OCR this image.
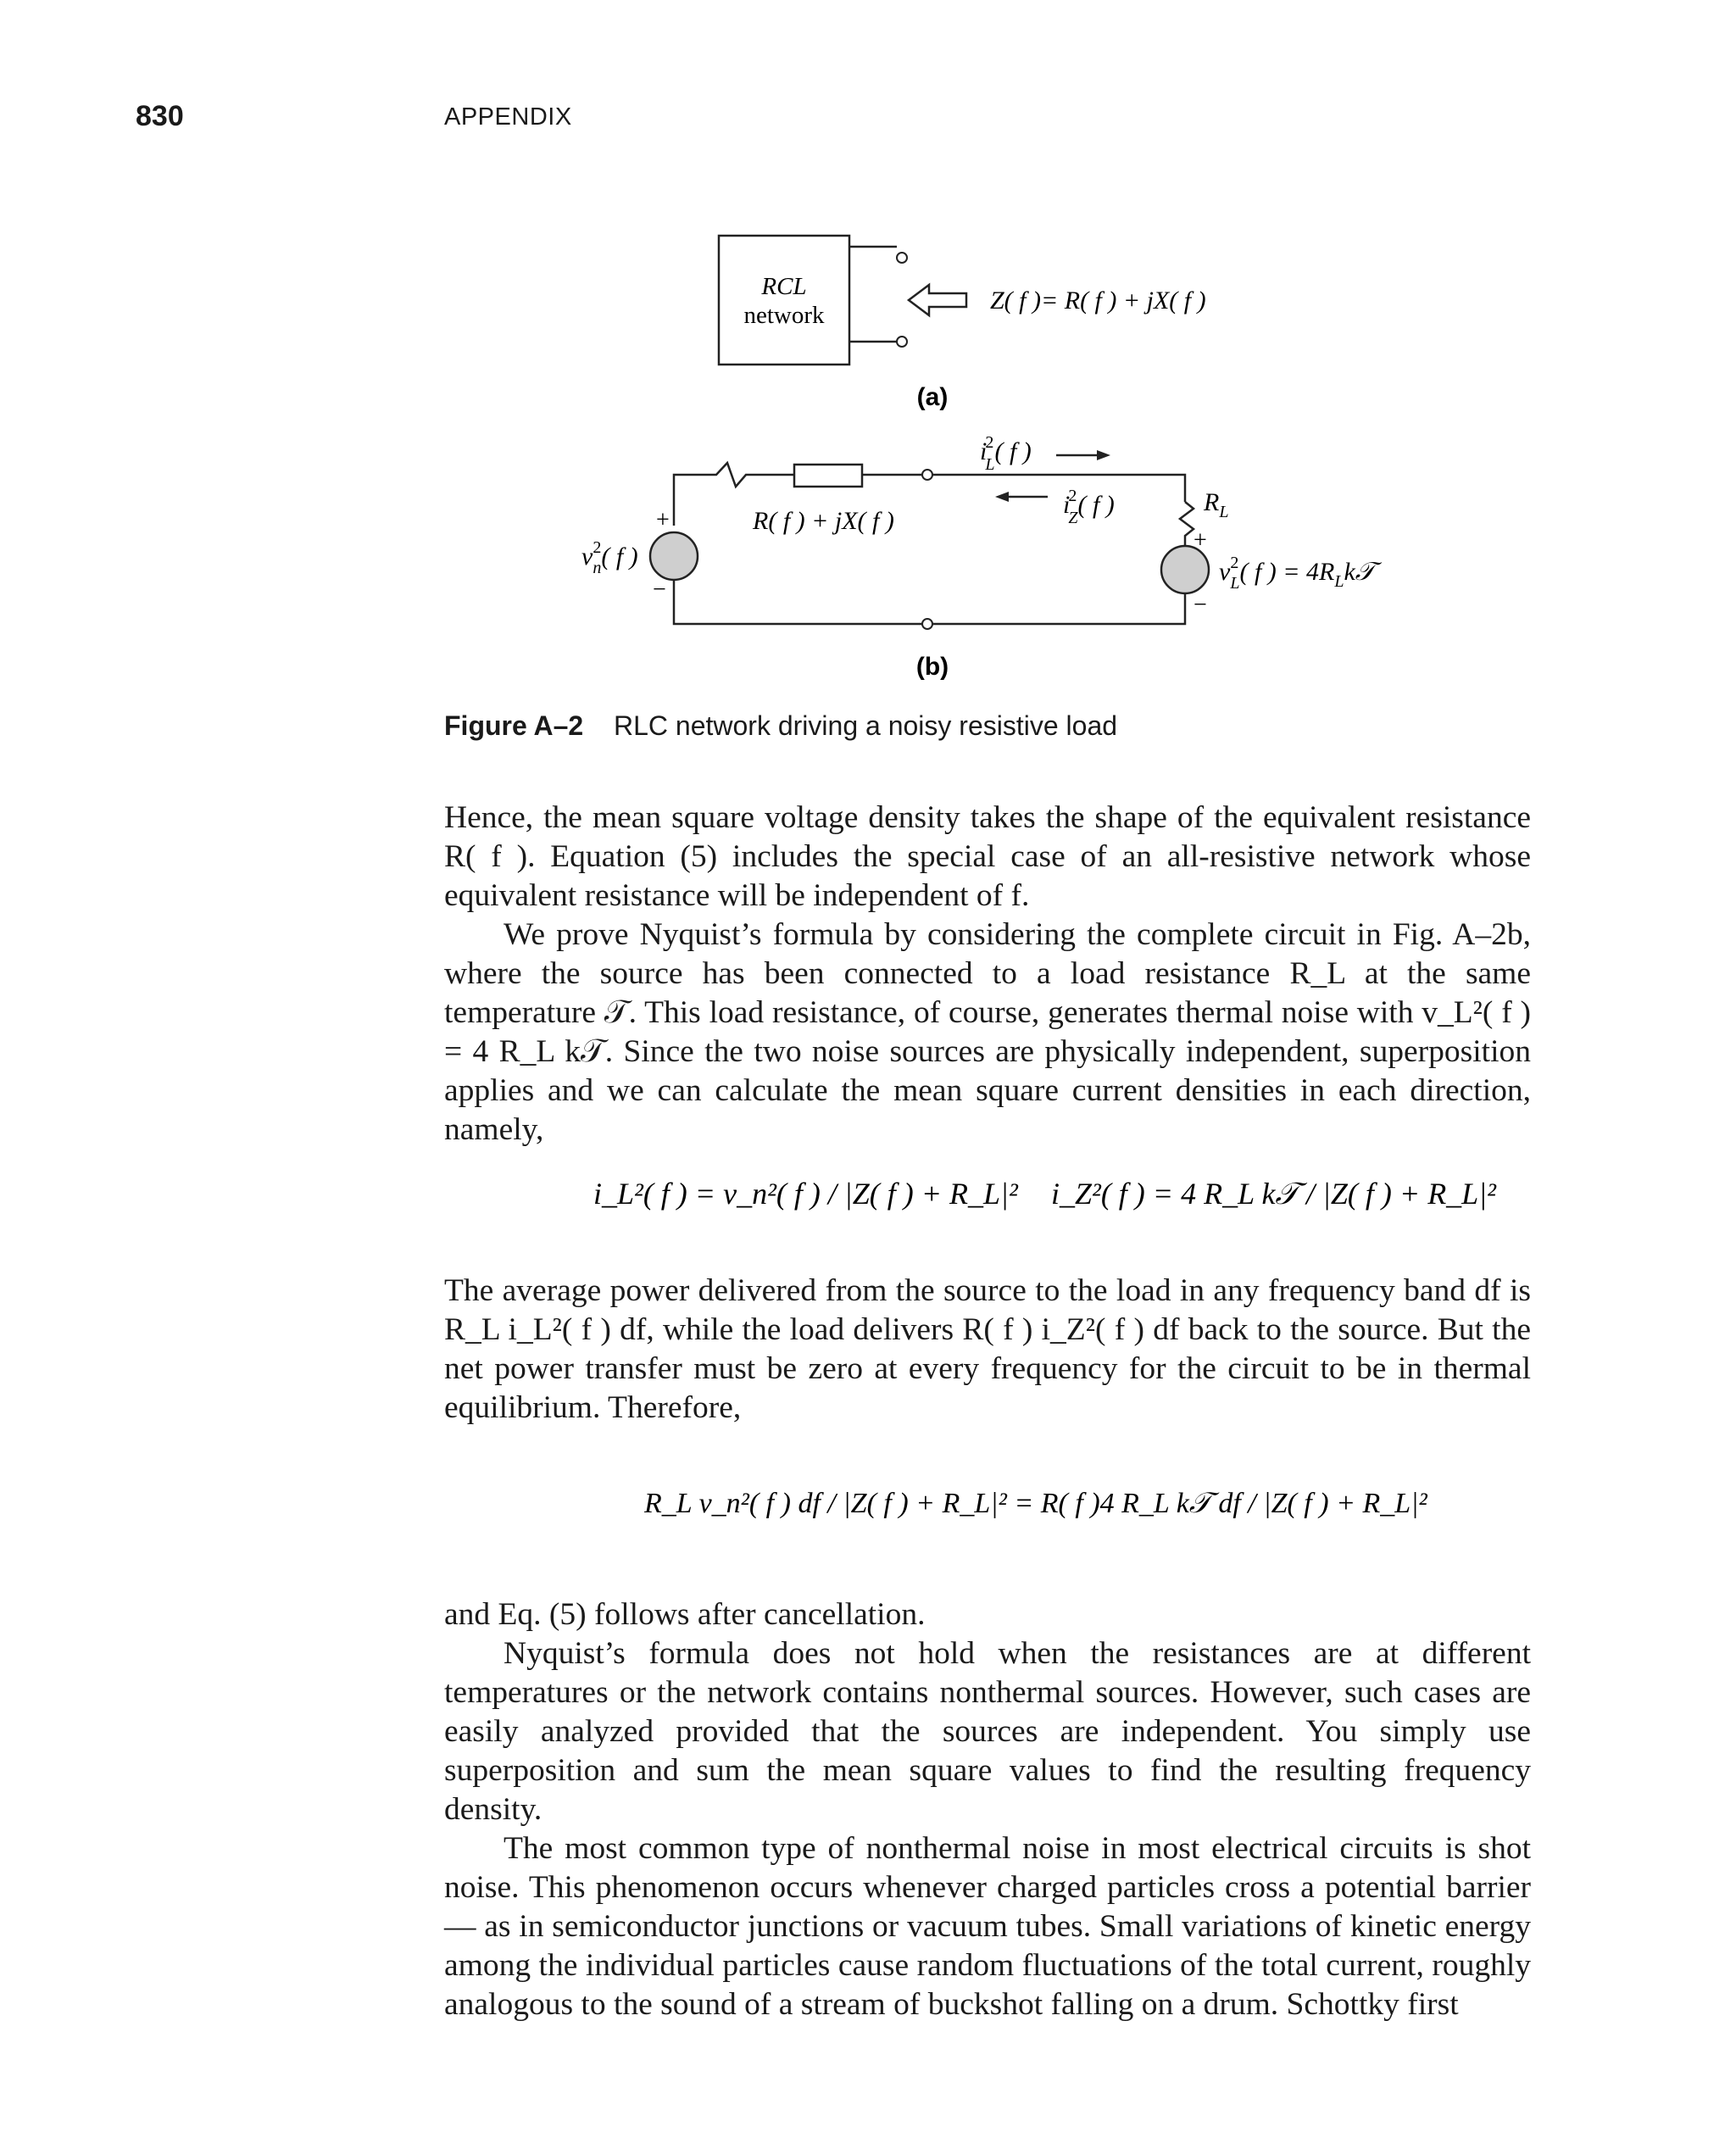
830	APPENDIX
RCL
network
Z( f )= R( f ) + jX( f )
(a)
i2 L( f )
i2 Z( f )
R( f ) + jX( f )
$R_L$
+
−
+
−
$v^2$ n( f )
$v^2$ L( f ) = $4R_Lk𝒯$
(b)
Figure A–2 RLC network driving a noisy resistive load

Hence, the mean square voltage density takes the shape of the equivalent resistance R( f ). Equation (5) includes the special case of an all-resistive network whose equivalent resistance will be independent of f.

We prove Nyquist’s formula by considering the complete circuit in Fig. A–2b, where the source has been connected to a load resistance R_L at the same temperature 𝒯. This load resistance, of course, generates thermal noise with v_L²( f ) = 4 R_L k𝒯. Since the two noise sources are physically independent, superposition applies and we can calculate the mean square current densities in each direction, namely,

i_L²( f ) = v_n²( f ) / |Z( f ) + R_L|² i_Z²( f ) = 4 R_L k𝒯 / |Z( f ) + R_L|²

The average power delivered from the source to the load in any frequency band df is R_L i_L²( f ) df, while the load delivers R( f ) i_Z²( f ) df back to the source. But the net power transfer must be zero at every frequency for the circuit to be in thermal equilibrium. Therefore,

R_L v_n²( f ) df / |Z( f ) + R_L|² = R( f )4 R_L k𝒯 df / |Z( f ) + R_L|²

and Eq. (5) follows after cancellation.

Nyquist’s formula does not hold when the resistances are at different temperatures or the network contains nonthermal sources. However, such cases are easily analyzed provided that the sources are independent. You simply use superposition and sum the mean square values to find the resulting frequency density.

The most common type of nonthermal noise in most electrical circuits is shot noise. This phenomenon occurs whenever charged particles cross a potential barrier— as in semiconductor junctions or vacuum tubes. Small variations of kinetic energy among the individual particles cause random fluctuations of the total current, roughly analogous to the sound of a stream of buckshot falling on a drum. Schottky first
